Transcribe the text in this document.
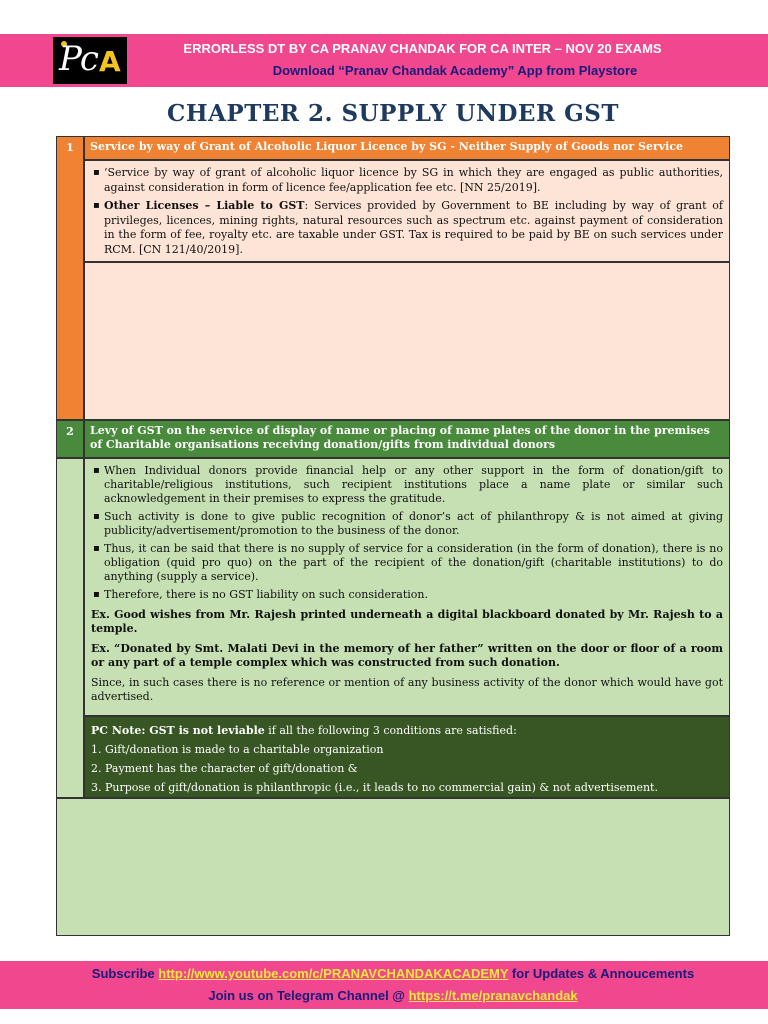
Pc A	ERRORLESS DT BY CA PRANAV CHANDAK FOR CA INTER – NOV 20 EXAMS
Download “Pranav Chandak Academy” App from Playstore
CHAPTER 2. SUPPLY UNDER GST
1	Service by way of Grant of Alcoholic Liquor Licence by SG - Neither Supply of Goods nor Service
▪ ‘Service by way of grant of alcoholic liquor licence by SG in which they are engaged as public authorities, against consideration in form of licence fee/application fee etc. [NN 25/2019].
▪ Other Licenses – Liable to GST: Services provided by Government to BE including by way of grant of privileges, licences, mining rights, natural resources such as spectrum etc. against payment of consideration in the form of fee, royalty etc. are taxable under GST. Tax is required to be paid by BE on such services under RCM. [CN 121/40/2019].
2	Levy of GST on the service of display of name or placing of name plates of the donor in the premises of Charitable organisations receiving donation/gifts from individual donors
▪ When Individual donors provide financial help or any other support in the form of donation/gift to charitable/religious institutions, such recipient institutions place a name plate or similar such acknowledgement in their premises to express the gratitude.
▪ Such activity is done to give public recognition of donor’s act of philanthropy & is not aimed at giving publicity/advertisement/promotion to the business of the donor.
▪ Thus, it can be said that there is no supply of service for a consideration (in the form of donation), there is no obligation (quid pro quo) on the part of the recipient of the donation/gift (charitable institutions) to do anything (supply a service).
▪ Therefore, there is no GST liability on such consideration.
Ex. Good wishes from Mr. Rajesh printed underneath a digital blackboard donated by Mr. Rajesh to a temple.
Ex. “Donated by Smt. Malati Devi in the memory of her father” written on the door or floor of a room or any part of a temple complex which was constructed from such donation.
Since, in such cases there is no reference or mention of any business activity of the donor which would have got advertised.
PC Note: GST is not leviable if all the following 3 conditions are satisfied:
1. Gift/donation is made to a charitable organization
2. Payment has the character of gift/donation &
3. Purpose of gift/donation is philanthropic (i.e., it leads to no commercial gain) & not advertisement.
Subscribe http://www.youtube.com/c/PRANAVCHANDAKACADEMY for Updates & Annoucements
Join us on Telegram Channel @ https://t.me/pranavchandak
